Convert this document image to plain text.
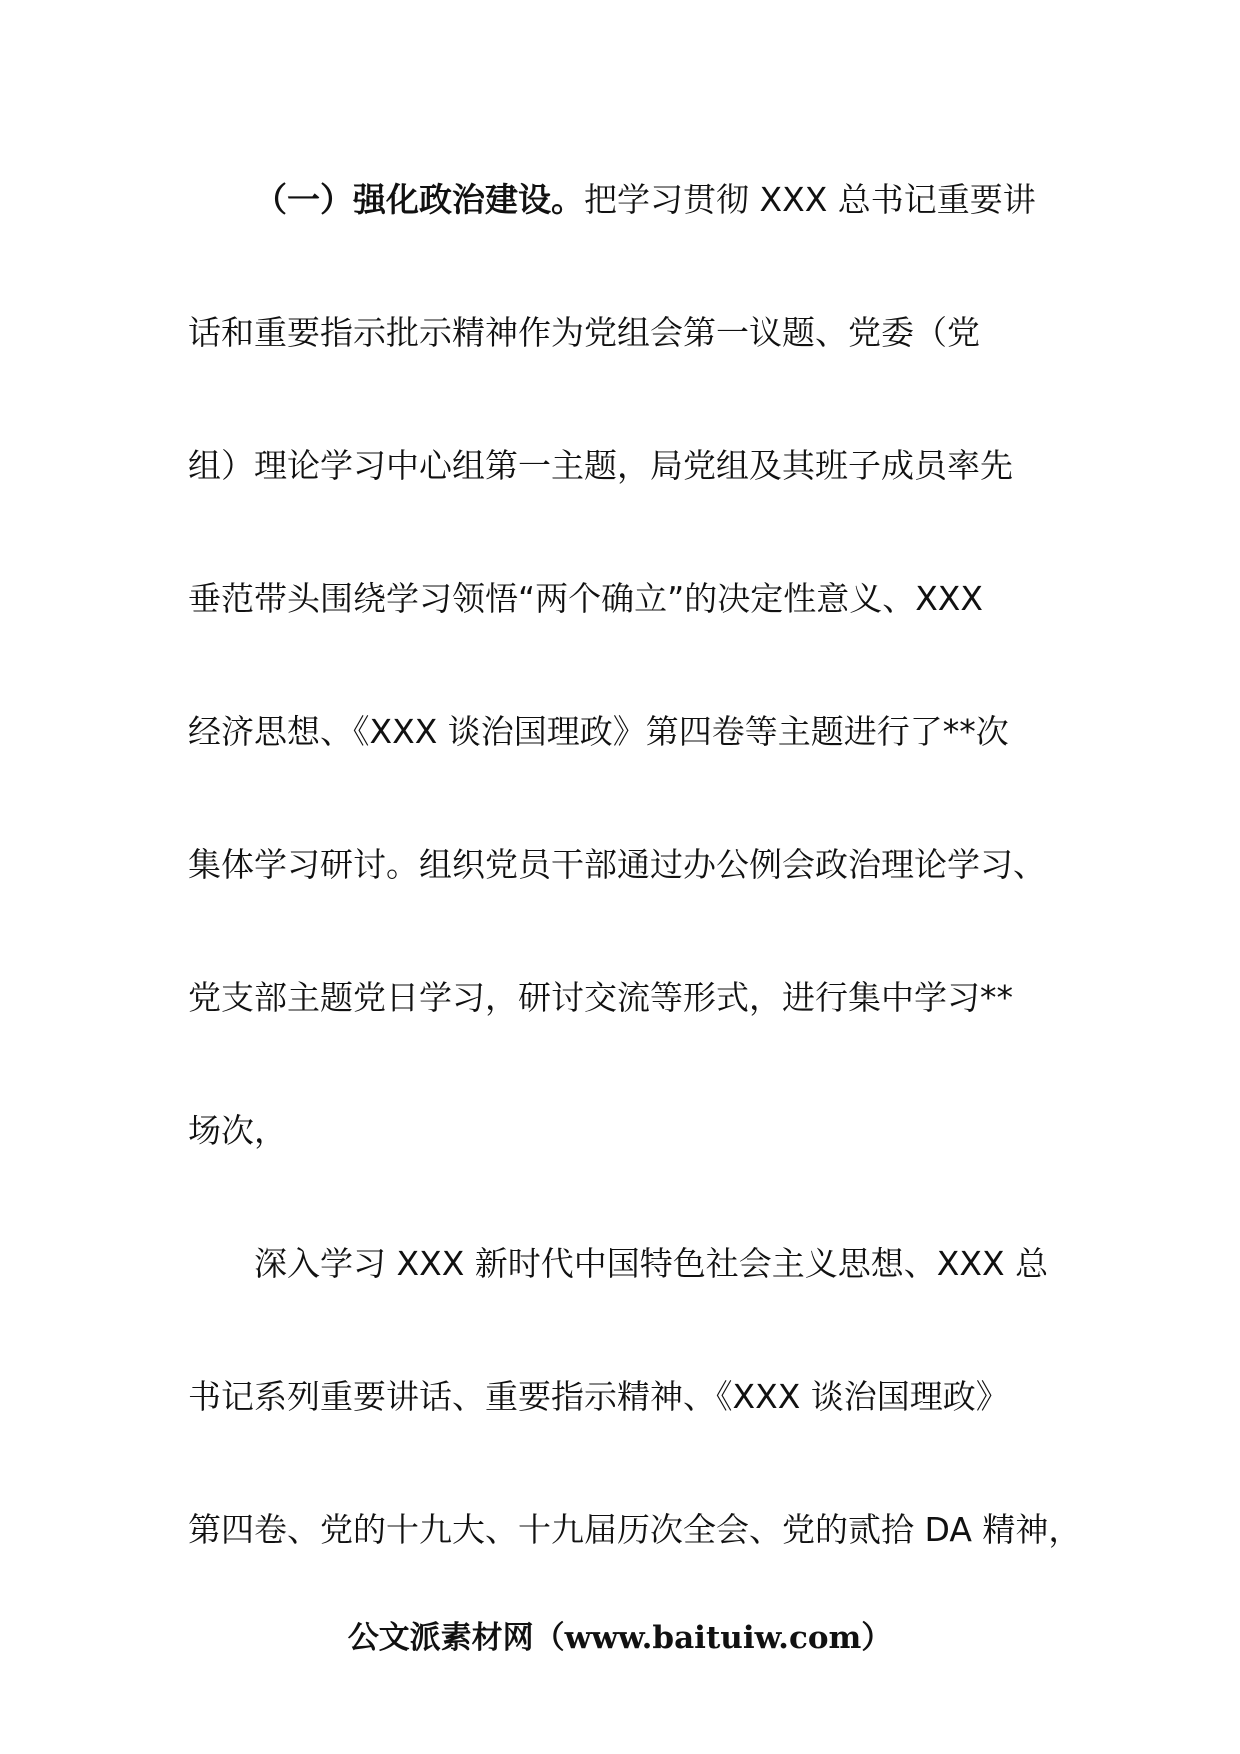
（一）强化政治建设。把学习贯彻 XXX 总书记重要讲
话和重要指示批示精神作为党组会第一议题、党委（党
组）理论学习中心组第一主题，局党组及其班子成员率先
垂范带头围绕学习领悟“两个确立”的决定性意义、XXX
经济思想、《XXX 谈治国理政》第四卷等主题进行了**次
集体学习研讨。组织党员干部通过办公例会政治理论学习、
党支部主题党日学习，研讨交流等形式，进行集中学习**
场次，
深入学习 XXX 新时代中国特色社会主义思想、XXX 总
书记系列重要讲话、重要指示精神、《XXX 谈治国理政》
第四卷、党的十九大、十九届历次全会、党的贰拾 DA 精神，
公文派素材网（www.baituiw.com）
